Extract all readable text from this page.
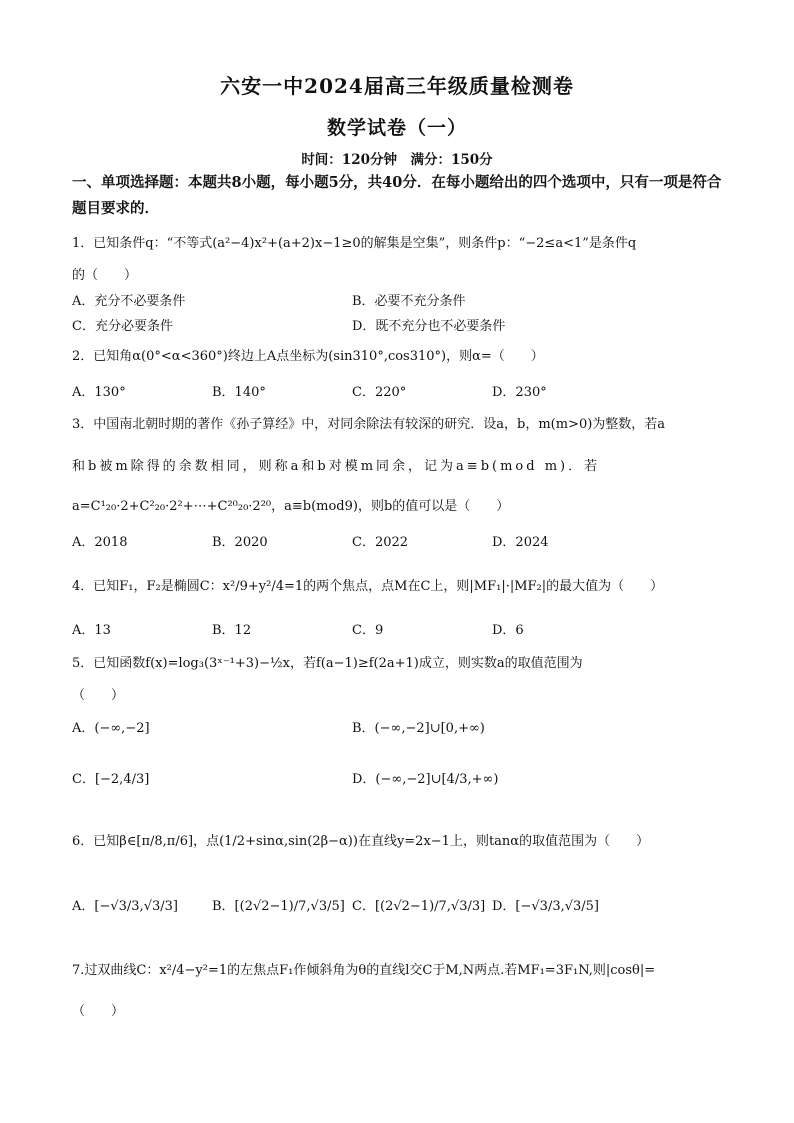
六安一中2024届高三年级质量检测卷
数学试卷（一）
时间：120分钟　满分：150分
一、单项选择题：本题共8小题，每小题5分，共40分．在每小题给出的四个选项中，只有一项是符合题目要求的．
1．已知条件q：“不等式(a²−4)x²+(a+2)x−1≥0的解集是空集”，则条件p：“−2≤a<1”是条件q
的（　　）
A．充分不必要条件	B．必要不充分条件
C．充分必要条件	D．既不充分也不必要条件
2．已知角α(0°<α<360°)终边上A点坐标为(sin310°,cos310°)，则α=（　　）
A．130°	B．140°	C．220°	D．230°
3．中国南北朝时期的著作《孙子算经》中，对同余除法有较深的研究．设a，b，m(m>0)为整数，若a
和b被m除得的余数相同，则称a和b对模m同余，记为a≡b(mod m)．若
a=C¹₂₀·2+C²₂₀·2²+⋯+C²⁰₂₀·2²⁰，a≡b(mod9)，则b的值可以是（　　）
A．2018	B．2020	C．2022	D．2024
4．已知F₁，F₂是椭圆C：x²/9+y²/4=1的两个焦点，点M在C上，则|MF₁|·|MF₂|的最大值为（　　）
A．13	B．12	C．9	D．6
5．已知函数f(x)=log₃(3ˣ⁻¹+3)−½x，若f(a−1)≥f(2a+1)成立，则实数a的取值范围为
（　　）
A．(−∞,−2]	B．(−∞,−2]∪[0,+∞)
C．[−2,4/3]	D．(−∞,−2]∪[4/3,+∞)
6．已知β∈[π/8,π/6]，点(1/2+sinα,sin(2β−α))在直线y=2x−1上，则tanα的取值范围为（　　）
A．[−√3/3,√3/3]	B．[(2√2−1)/7,√3/5] C．[(2√2−1)/7,√3/3] D．[−√3/3,√3/5]
7.过双曲线C：x²/4−y²=1的左焦点F₁作倾斜角为θ的直线l交C于M,N两点.若MF₁=3F₁N,则|cosθ|=
（　　）
